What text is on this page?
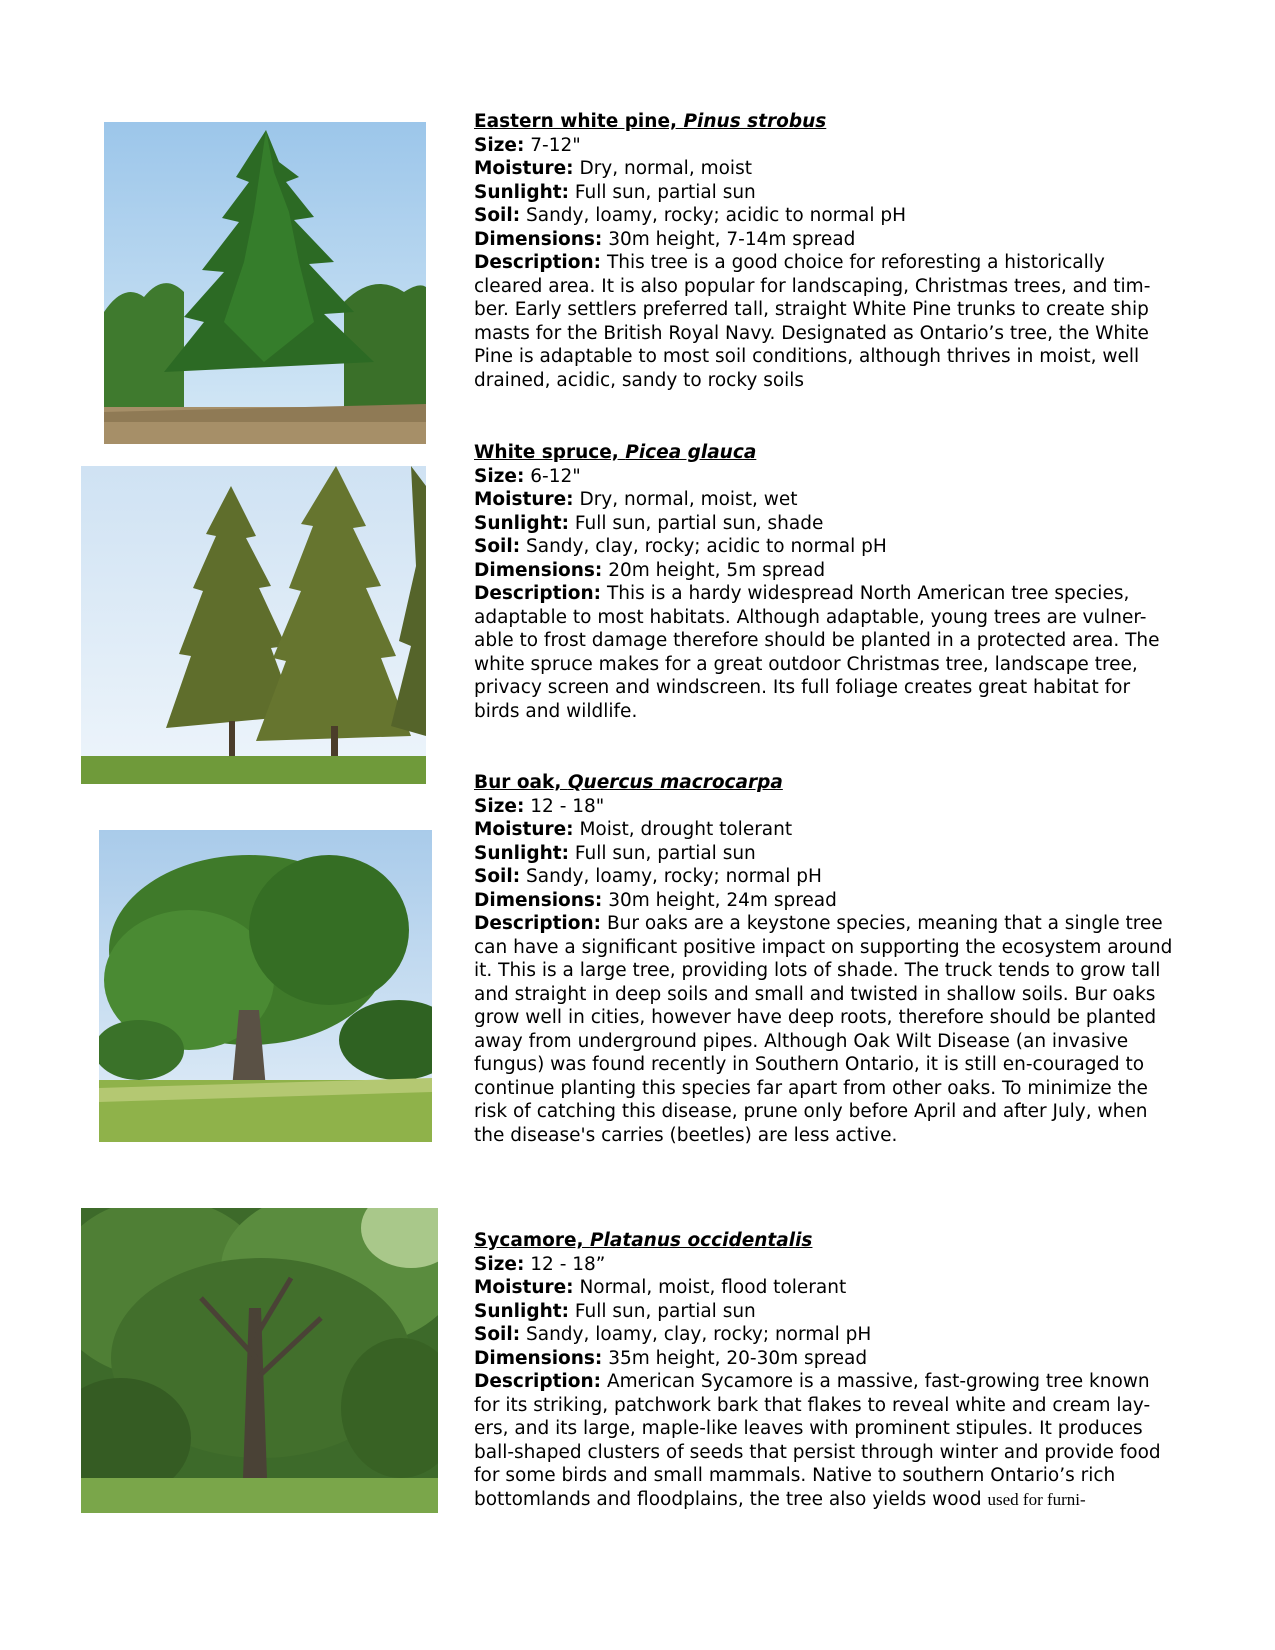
Eastern white pine, Pinus strobus

Size: 7-12"

Moisture: Dry, normal, moist

Sunlight: Full sun, partial sun

Soil: Sandy, loamy, rocky; acidic to normal pH

Dimensions: 30m height, 7-14m spread

Description: This tree is a good choice for reforesting a historically cleared area. It is also popular for landscaping, Christmas trees, and tim-ber. Early settlers preferred tall, straight White Pine trunks to create ship masts for the British Royal Navy. Designated as Ontario’s tree, the White Pine is adaptable to most soil conditions, although thrives in moist, well drained, acidic, sandy to rocky soils

White spruce, Picea glauca

Size: 6-12"

Moisture: Dry, normal, moist, wet

Sunlight: Full sun, partial sun, shade

Soil: Sandy, clay, rocky; acidic to normal pH

Dimensions: 20m height, 5m spread

Description: This is a hardy widespread North American tree species, adaptable to most habitats. Although adaptable, young trees are vulner-able to frost damage therefore should be planted in a protected area. The white spruce makes for a great outdoor Christmas tree, landscape tree, privacy screen and windscreen. Its full foliage creates great habitat for birds and wildlife.

Bur oak, Quercus macrocarpa

Size: 12 - 18"

Moisture: Moist, drought tolerant

Sunlight: Full sun, partial sun

Soil: Sandy, loamy, rocky; normal pH

Dimensions: 30m height, 24m spread

Description: Bur oaks are a keystone species, meaning that a single tree can have a significant positive impact on supporting the ecosystem around it. This is a large tree, providing lots of shade. The truck tends to grow tall and straight in deep soils and small and twisted in shallow soils. Bur oaks grow well in cities, however have deep roots, therefore should be planted away from underground pipes. Although Oak Wilt Disease (an invasive fungus) was found recently in Southern Ontario, it is still en-couraged to continue planting this species far apart from other oaks. To minimize the risk of catching this disease, prune only before April and after July, when the disease's carries (beetles) are less active.

Sycamore, Platanus occidentalis

Size: 12 - 18”

Moisture: Normal, moist, flood tolerant

Sunlight: Full sun, partial sun

Soil: Sandy, loamy, clay, rocky; normal pH

Dimensions: 35m height, 20-30m spread

Description: American Sycamore is a massive, fast-growing tree known for its striking, patchwork bark that flakes to reveal white and cream lay-ers, and its large, maple-like leaves with prominent stipules. It produces ball-shaped clusters of seeds that persist through winter and provide food for some birds and small mammals. Native to southern Ontario’s rich bottomlands and floodplains, the tree also yields wood used for furni-
